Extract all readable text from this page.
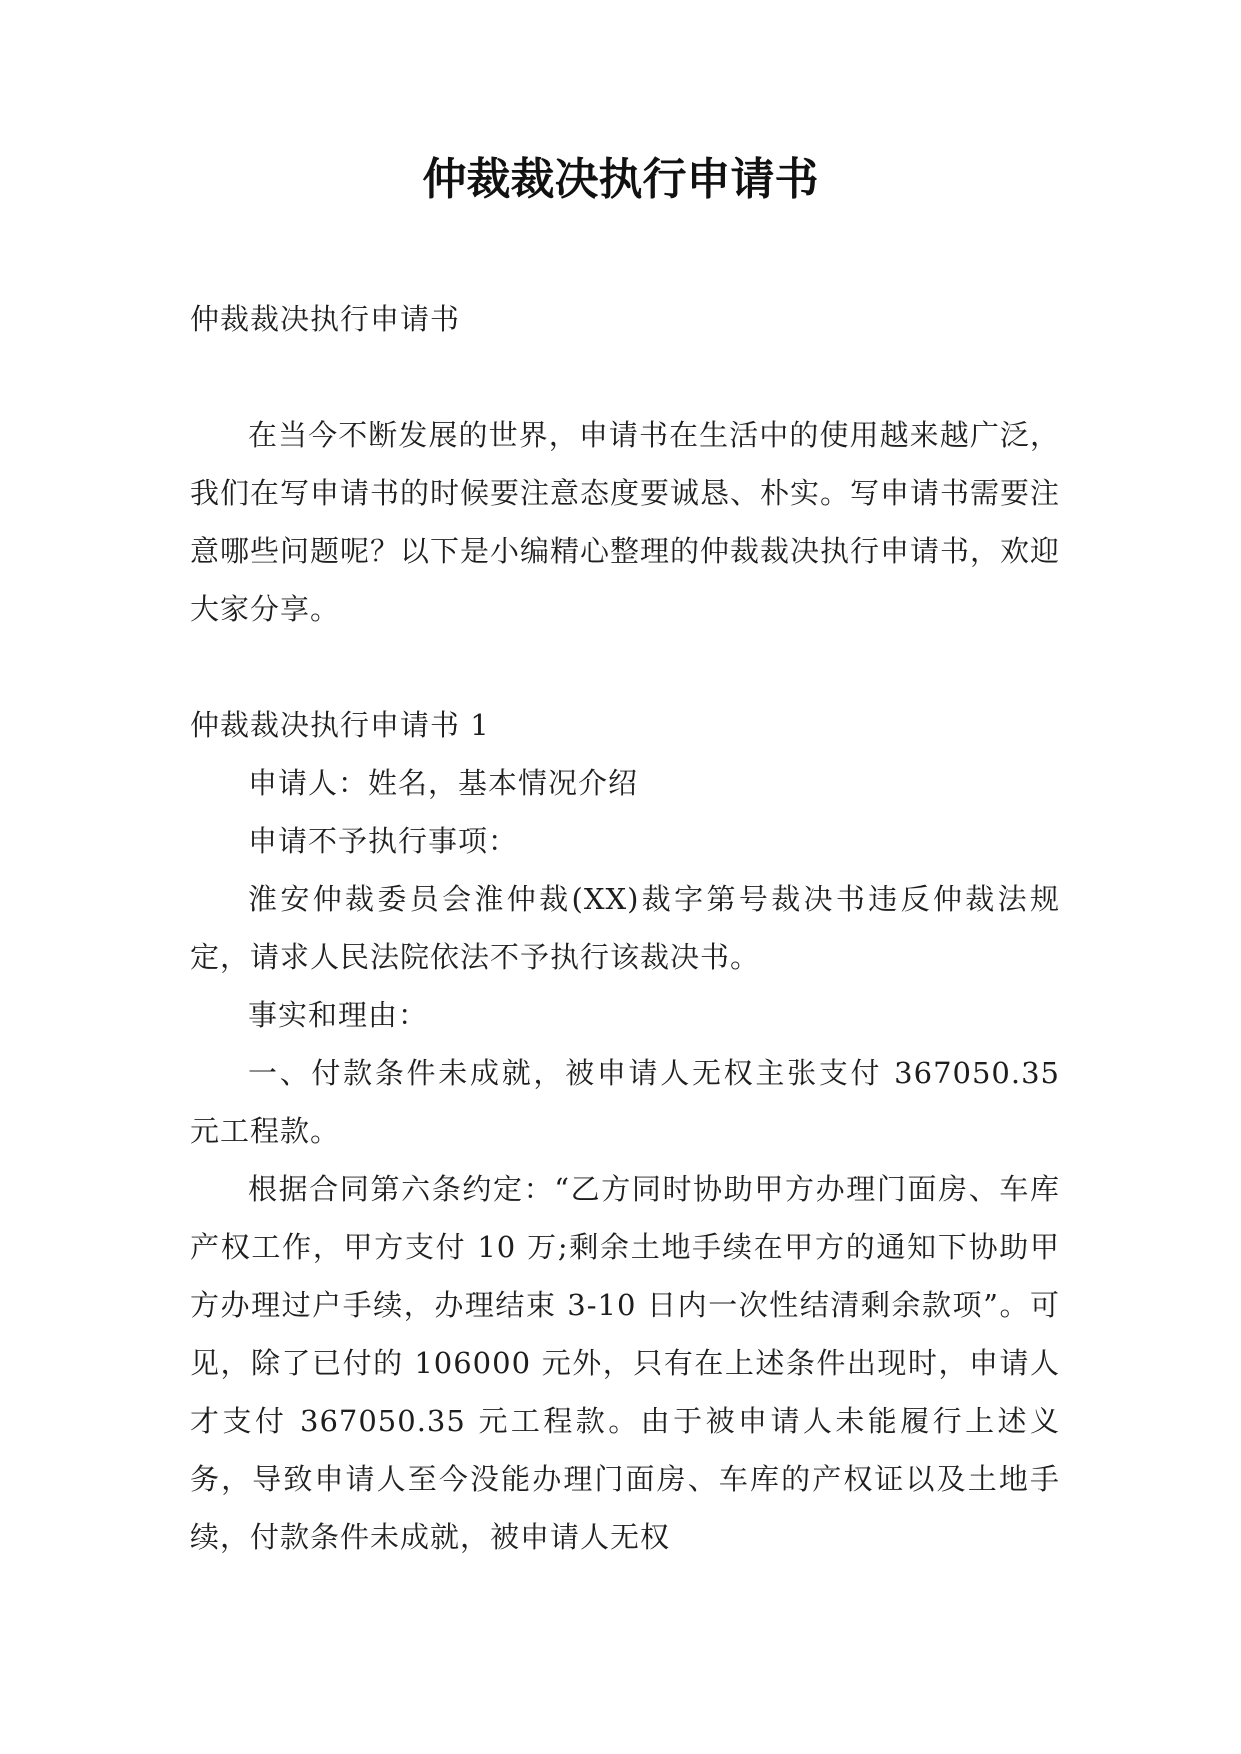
仲裁裁决执行申请书

仲裁裁决执行申请书

在当今不断发展的世界，申请书在生活中的使用越来越广泛，我们在写申请书的时候要注意态度要诚恳、朴实。写申请书需要注意哪些问题呢？以下是小编精心整理的仲裁裁决执行申请书，欢迎大家分享。

仲裁裁决执行申请书 1

申请人：姓名，基本情况介绍

申请不予执行事项：

淮安仲裁委员会淮仲裁(XX)裁字第号裁决书违反仲裁法规定，请求人民法院依法不予执行该裁决书。

事实和理由：

一、付款条件未成就，被申请人无权主张支付 367050.35 元工程款。

根据合同第六条约定：“乙方同时协助甲方办理门面房、车库产权工作，甲方支付 10 万;剩余土地手续在甲方的通知下协助甲方办理过户手续，办理结束 3-10 日内一次性结清剩余款项”。可见，除了已付的 106000 元外，只有在上述条件出现时，申请人才支付 367050.35 元工程款。由于被申请人未能履行上述义务，导致申请人至今没能办理门面房、车库的产权证以及土地手续，付款条件未成就，被申请人无权
